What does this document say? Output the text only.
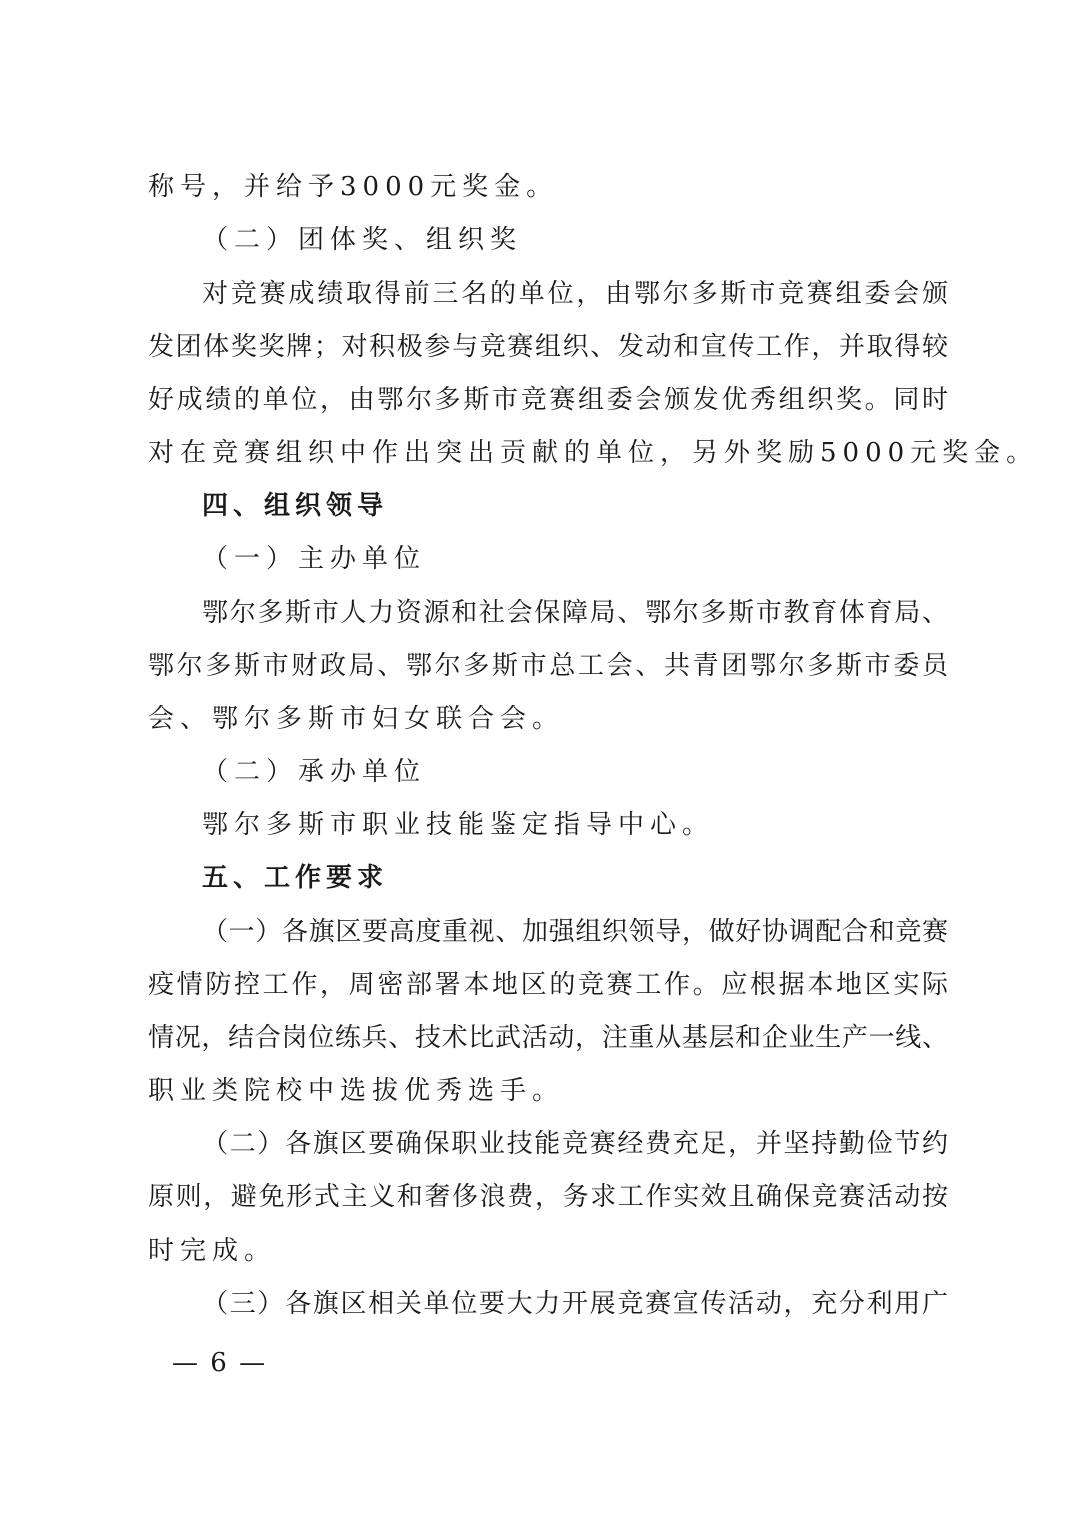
称号，并给予3000元奖金。
（二）团体奖、组织奖
对竞赛成绩取得前三名的单位，由鄂尔多斯市竞赛组委会颁
发团体奖奖牌；对积极参与竞赛组织、发动和宣传工作，并取得较
好成绩的单位，由鄂尔多斯市竞赛组委会颁发优秀组织奖。同时
对在竞赛组织中作出突出贡献的单位，另外奖励5000元奖金。
四、组织领导
（一）主办单位
鄂尔多斯市人力资源和社会保障局、鄂尔多斯市教育体育局、
鄂尔多斯市财政局、鄂尔多斯市总工会、共青团鄂尔多斯市委员
会、鄂尔多斯市妇女联合会。
（二）承办单位
鄂尔多斯市职业技能鉴定指导中心。
五、工作要求
（一）各旗区要高度重视、加强组织领导，做好协调配合和竞赛
疫情防控工作，周密部署本地区的竞赛工作。应根据本地区实际
情况，结合岗位练兵、技术比武活动，注重从基层和企业生产一线、
职业类院校中选拔优秀选手。
（二）各旗区要确保职业技能竞赛经费充足，并坚持勤俭节约
原则，避免形式主义和奢侈浪费，务求工作实效且确保竞赛活动按
时完成。
（三）各旗区相关单位要大力开展竞赛宣传活动，充分利用广
— 6 —
